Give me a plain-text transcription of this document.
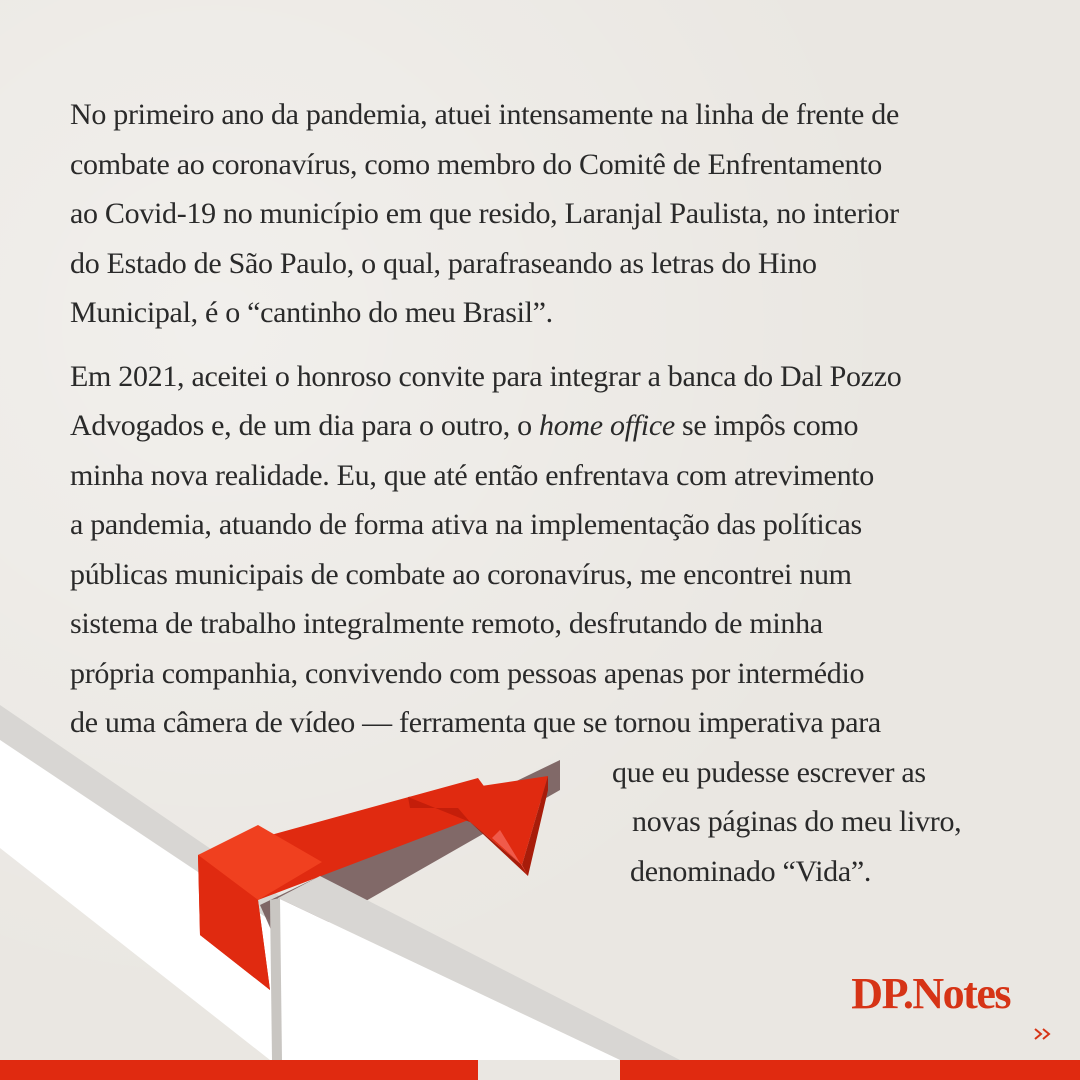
No primeiro ano da pandemia, atuei intensamente na linha de frente de
combate ao coronavírus, como membro do Comitê de Enfrentamento
ao Covid-19 no município em que resido, Laranjal Paulista, no interior
do Estado de São Paulo, o qual, parafraseando as letras do Hino
Municipal, é o “cantinho do meu Brasil”.

Em 2021, aceitei o honroso convite para integrar a banca do Dal Pozzo
Advogados e, de um dia para o outro, o home office se impôs como
minha nova realidade. Eu, que até então enfrentava com atrevimento
a pandemia, atuando de forma ativa na implementação das políticas
públicas municipais de combate ao coronavírus, me encontrei num
sistema de trabalho integralmente remoto, desfrutando de minha
própria companhia, convivendo com pessoas apenas por intermédio
de uma câmera de vídeo — ferramenta que se tornou imperativa para
que eu pudesse escrever as
novas páginas do meu livro,
denominado “Vida”.

DP.Notes
